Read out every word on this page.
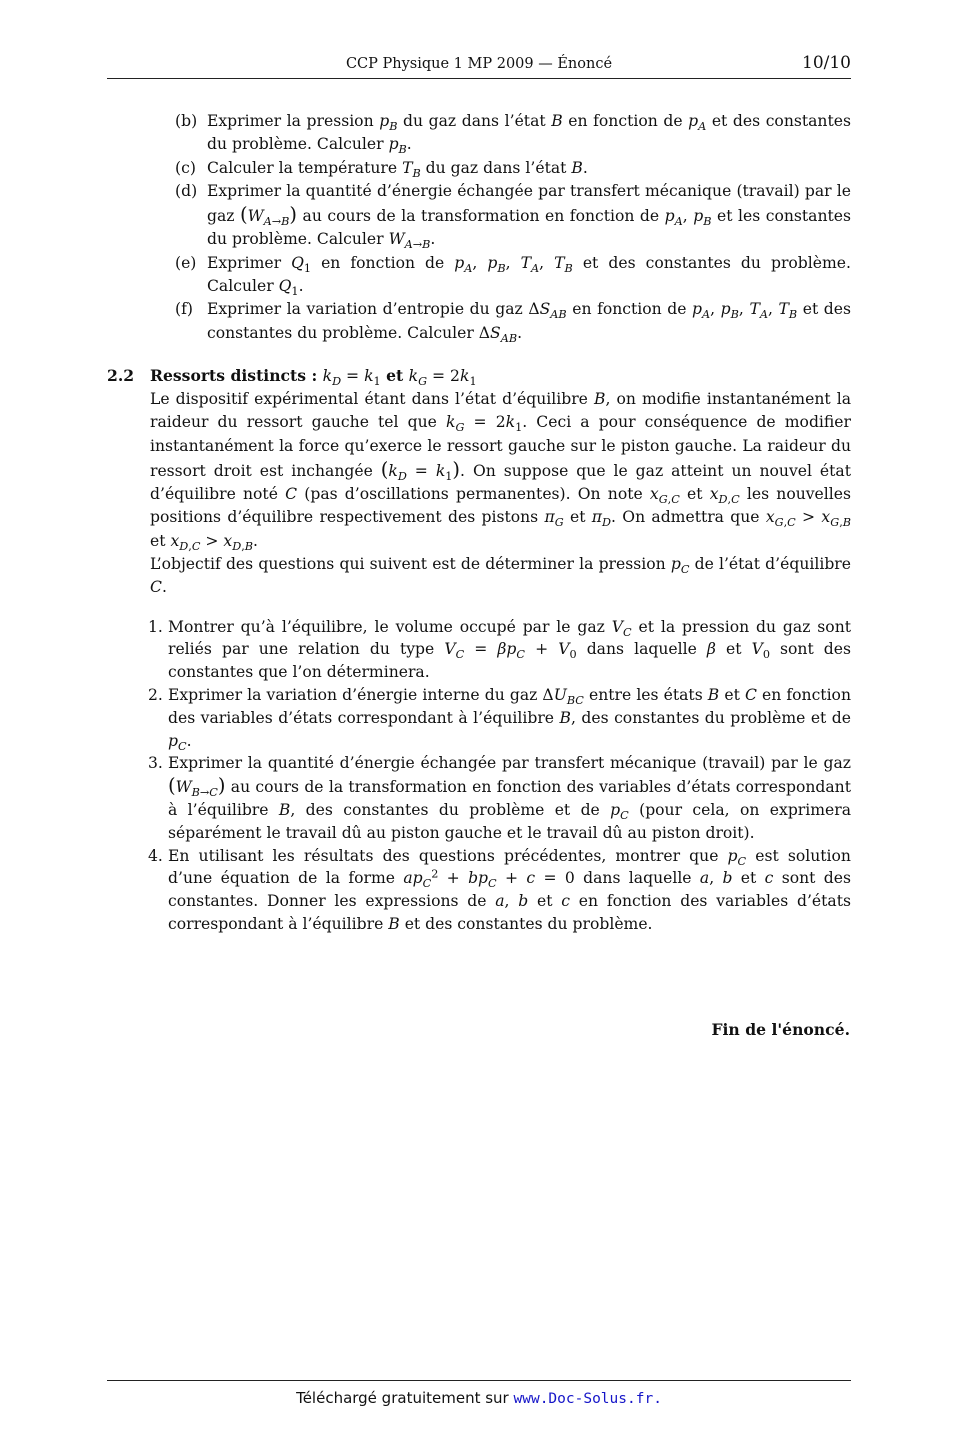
CCP Physique 1 MP 2009 — Énoncé	10/10
(b) Exprimer la pression $p_B$ du gaz dans l’état B en fonction de $p_A$ et des constantes du problème. Calculer $p_B$.
(c) Calculer la température $T_B$ du gaz dans l’état B.
(d) Exprimer la quantité d’énergie échangée par transfert mécanique (travail) par le gaz $(W_{A\to B})$ au cours de la transformation en fonction de $p_A$, $p_B$ et les constantes du problème. Calculer $W_{A\to B}$.
(e) Exprimer $Q_1$ en fonction de $p_A$, $p_B$, $T_A$, $T_B$ et des constantes du problème. Calculer $Q_1$.
(f) Exprimer la variation d’entropie du gaz $\Delta S_{AB}$ en fonction de $p_A$, $p_B$, $T_A$, $T_B$ et des constantes du problème. Calculer $\Delta S_{AB}$.
2.2 Ressorts distincts : $k_D = k_1$ et $k_G = 2k_1$
Le dispositif expérimental étant dans l’état d’équilibre B, on modifie instantanément la raideur du ressort gauche tel que $k_G = 2k_1$. Ceci a pour conséquence de modifier instantanément la force qu’exerce le ressort gauche sur le piston gauche. La raideur du ressort droit est inchangée $(k_D = k_1)$. On suppose que le gaz atteint un nouvel état d’équilibre noté C (pas d’oscillations permanentes). On note $x_{G,C}$ et $x_{D,C}$ les nouvelles positions d’équilibre respectivement des pistons $\pi_G$ et $\pi_D$. On admettra que $x_{G,C} > x_{G,B}$ et $x_{D,C} > x_{D,B}$.
L’objectif des questions qui suivent est de déterminer la pression $p_C$ de l’état d’équilibre C.
1. Montrer qu’à l’équilibre, le volume occupé par le gaz $V_C$ et la pression du gaz sont reliés par une relation du type $V_C = \beta p_C + V_0$ dans laquelle β et $V_0$ sont des constantes que l’on déterminera.
2. Exprimer la variation d’énergie interne du gaz $\Delta U_{BC}$ entre les états B et C en fonction des variables d’états correspondant à l’équilibre B, des constantes du problème et de $p_C$.
3. Exprimer la quantité d’énergie échangée par transfert mécanique (travail) par le gaz $(W_{B\to C})$ au cours de la transformation en fonction des variables d’états correspondant à l’équilibre B, des constantes du problème et de $p_C$ (pour cela, on exprimera séparément le travail dû au piston gauche et le travail dû au piston droit).
4. En utilisant les résultats des questions précédentes, montrer que $p_C$ est solution d’une équation de la forme $ap_C^2 + bp_C + c = 0$ dans laquelle a, b et c sont des constantes. Donner les expressions de a, b et c en fonction des variables d’états correspondant à l’équilibre B et des constantes du problème.
Fin de l'énoncé.
Téléchargé gratuitement sur www.Doc-Solus.fr.
